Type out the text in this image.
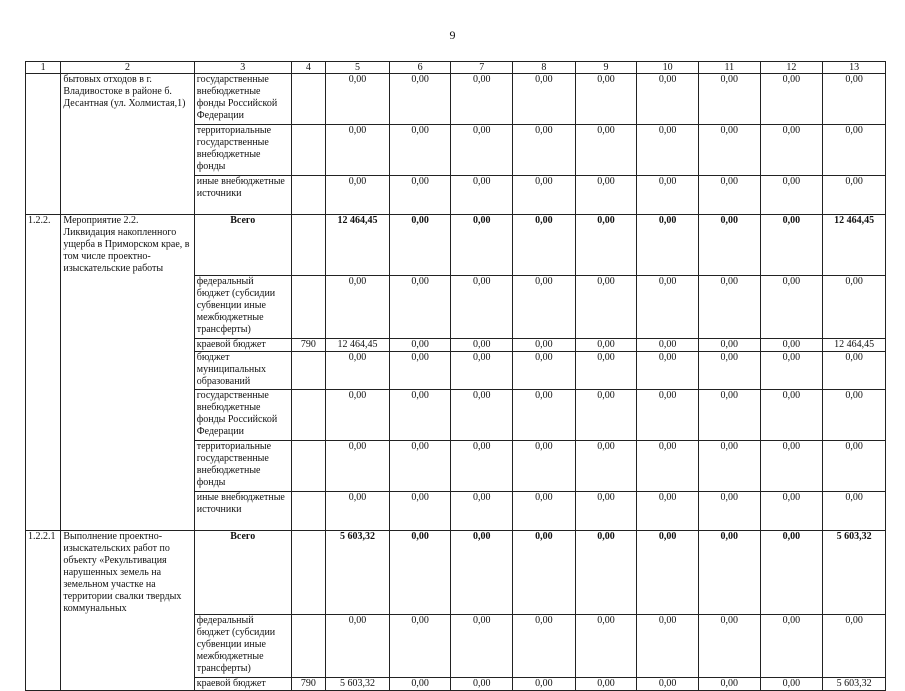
9
1	2	3	4	5	6	7	8	9	10	11	12	13
	бытовых отходов в г. Владивостоке в районе б. Десантная (ул. Холмистая,1)	государственные внебюджетные фонды Российской Федерации		0,00	0,00	0,00	0,00	0,00	0,00	0,00	0,00	0,00
		территориальные государственные внебюджетные фонды		0,00	0,00	0,00	0,00	0,00	0,00	0,00	0,00	0,00
		иные внебюджетные источники		0,00	0,00	0,00	0,00	0,00	0,00	0,00	0,00	0,00
1.2.2.	Мероприятие 2.2. Ликвидация накопленного ущерба в Приморском крае, в том числе проектно-изыскательские работы	Всего		12 464,45	0,00	0,00	0,00	0,00	0,00	0,00	0,00	12 464,45
		федеральный бюджет (субсидии субвенции иные межбюджетные трансферты)		0,00	0,00	0,00	0,00	0,00	0,00	0,00	0,00	0,00
		краевой бюджет	790	12 464,45	0,00	0,00	0,00	0,00	0,00	0,00	0,00	12 464,45
		бюджет муниципальных образований		0,00	0,00	0,00	0,00	0,00	0,00	0,00	0,00	0,00
		государственные внебюджетные фонды Российской Федерации		0,00	0,00	0,00	0,00	0,00	0,00	0,00	0,00	0,00
		территориальные государственные внебюджетные фонды		0,00	0,00	0,00	0,00	0,00	0,00	0,00	0,00	0,00
		иные внебюджетные источники		0,00	0,00	0,00	0,00	0,00	0,00	0,00	0,00	0,00
1.2.2.1	Выполнение проектно-изыскательских работ по объекту «Рекультивация нарушенных земель на земельном участке на территории свалки твердых коммунальных	Всего		5 603,32	0,00	0,00	0,00	0,00	0,00	0,00	0,00	5 603,32
		федеральный бюджет (субсидии субвенции иные межбюджетные трансферты)		0,00	0,00	0,00	0,00	0,00	0,00	0,00	0,00	0,00
		краевой бюджет	790	5 603,32	0,00	0,00	0,00	0,00	0,00	0,00	0,00	5 603,32
